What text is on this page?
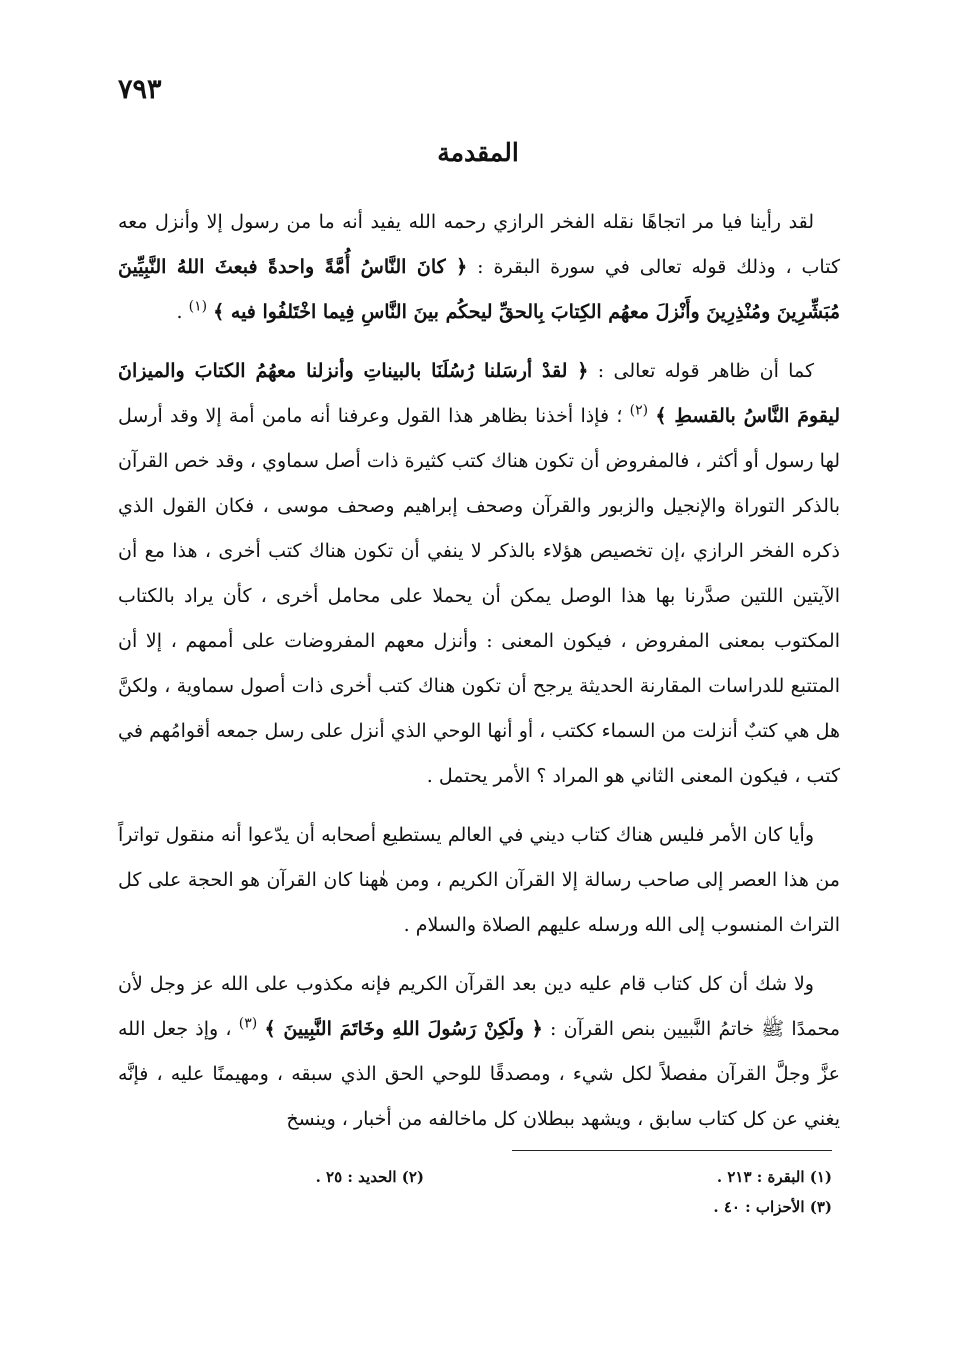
٧٩٣
المقدمة

لقد رأينا فيا مر اتجاهًا نقله الفخر الرازي رحمه الله يفيد أنه ما من رسول إلا وأنزل معه كتاب ، وذلك قوله تعالى في سورة البقرة : ﴿ كانَ النَّاسُ أُمَّةً واحدةً فبعثَ اللهُ النَّبِيِّينَ مُبَشِّرِينَ ومُنْذِرِينَ وأَنْزلَ معهُم الكِتابَ بِالحقِّ ليحكُم بينَ النَّاسِ فِيما اخْتَلفُوا فيه ﴾ $^{(١)}$ .

كما أن ظاهر قوله تعالى : ﴿ لقدْ أرسَلنا رُسُلَنَا بالبيناتِ وأنزلنا معهُمُ الكتابَ والميزانَ ليقومَ النَّاسُ بالقسطِ ﴾ $^{(٢)}$ ؛ فإذا أخذنا بظاهر هذا القول وعرفنا أنه مامن أمة إلا وقد أرسل لها رسول أو أكثر ، فالمفروض أن تكون هناك كتب كثيرة ذات أصل سماوي ، وقد خص القرآن بالذكر التوراة والإنجيل والزبور والقرآن وصحف إبراهيم وصحف موسى ، فكان القول الذي ذكره الفخر الرازي ،إن تخصيص هؤلاء بالذكر لا ينفي أن تكون هناك كتب أخرى ، هذا مع أن الآيتين اللتين صدَّرنا بها هذا الوصل يمكن أن يحملا على محامل أخرى ، كأن يراد بالكتاب المكتوب بمعنى المفروض ، فيكون المعنى : وأنزل معهم المفروضات على أممهم ، إلا أن المتتبع للدراسات المقارنة الحديثة يرجح أن تكون هناك كتب أخرى ذات أصول سماوية ، ولكنَّ هل هي كتبٌ أنزلت من السماء ككتب ، أو أنها الوحي الذي أنزل على رسل جمعه أقوامُهم في كتب ، فيكون المعنى الثاني هو المراد ؟ الأمر يحتمل .

وأيا كان الأمر فليس هناك كتاب ديني في العالم يستطيع أصحابه أن يدّعوا أنه منقول تواتراً من هذا العصر إلى صاحب رسالة إلا القرآن الكريم ، ومن هٰهنا كان القرآن هو الحجة على كل التراث المنسوب إلى الله ورسله عليهم الصلاة والسلام .

ولا شك أن كل كتاب قام عليه دين بعد القرآن الكريم فإنه مكذوب على الله عز وجل لأن محمدًا ﷺ خاتمُ النَّبيين بنص القرآن : ﴿ ولَكِنْ رَسُولَ اللهِ وخَاتَمَ النَّبِيينَ ﴾ $^{(٣)}$ ، وإذ جعل الله عزَّ وجلَّ القرآن مفصلاً لكل شيء ، ومصدقًا للوحي الحق الذي سبقه ، ومهيمنًا عليه ، فإنَّه يغني عن كل كتاب سابق ، ويشهد ببطلان كل ماخالفه من أخبار ، وينسخ

(١) البقرة : ٢١٣ .
(٢) الحديد : ٢٥ .
(٣) الأحزاب : ٤٠ .
